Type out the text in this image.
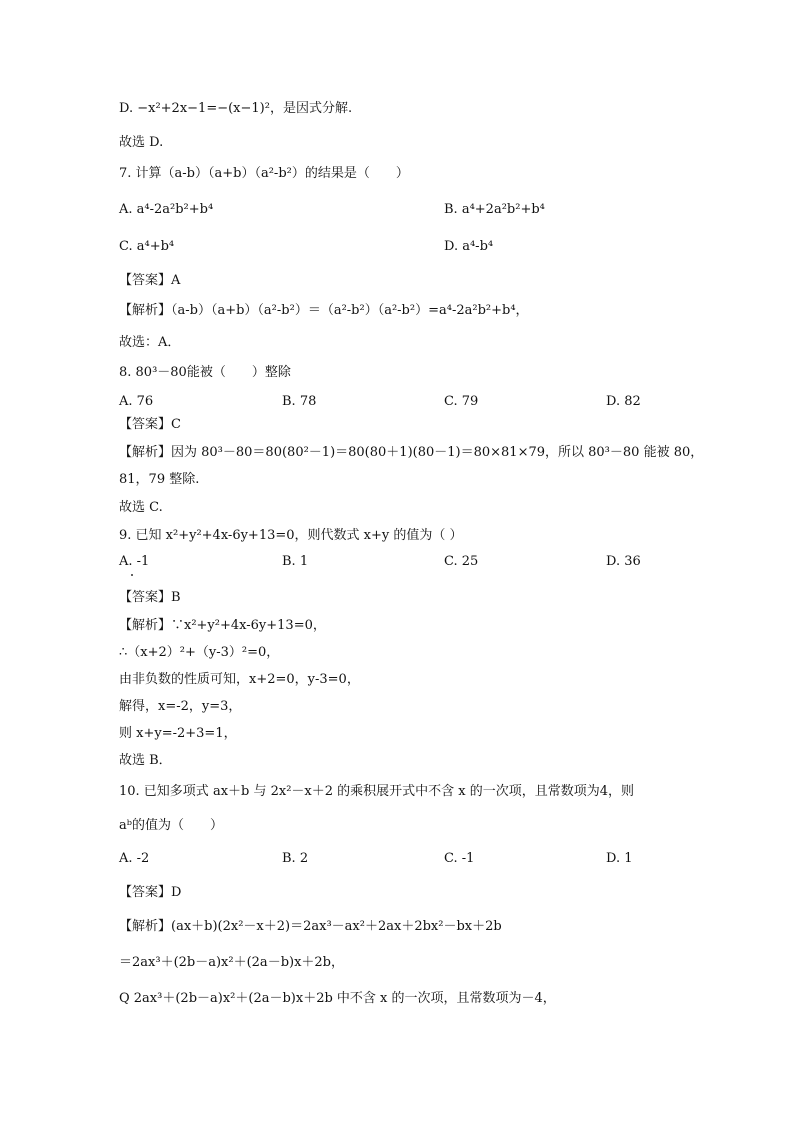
D. −x²+2x−1=−(x−1)²，是因式分解.
故选 D.
7. 计算（a-b）（a+b）（a²-b²）的结果是（　　）
A. a⁴-2a²b²+b⁴	B. a⁴+2a²b²+b⁴
C. a⁴+b⁴	D. a⁴-b⁴
【答案】A
【解析】（a-b）（a+b）（a²-b²）＝（a²-b²）（a²-b²）=a⁴-2a²b²+b⁴，
故选：A．
8. 80³－80能被（　　）整除
A. 76	B. 78	C. 79	D. 82
【答案】C
【解析】因为 80³－80＝80(80²－1)＝80(80＋1)(80－1)＝80×81×79，所以 80³－80 能被 80，
81，79 整除.
故选 C.
9. 已知 x²+y²+4x-6y+13=0，则代数式 x+y 的值为（ ）
A. -1	B. 1	C. 25	D. 36
【答案】B
【解析】∵x²+y²+4x-6y+13=0，
∴（x+2）²+（y-3）²=0，
由非负数的性质可知，x+2=0，y-3=0，
解得，x=-2，y=3，
则 x+y=-2+3=1，
故选 B．
10. 已知多项式 ax＋b 与 2x²－x＋2 的乘积展开式中不含 x 的一次项，且常数项为4，则
aᵇ的值为（　　）
A. -2	B. 2	C. -1	D. 1
【答案】D
【解析】(ax＋b)(2x²－x＋2)＝2ax³－ax²＋2ax＋2bx²－bx＋2b
＝2ax³＋(2b－a)x²＋(2a－b)x＋2b，
Q 2ax³＋(2b－a)x²＋(2a－b)x＋2b 中不含 x 的一次项，且常数项为－4，
